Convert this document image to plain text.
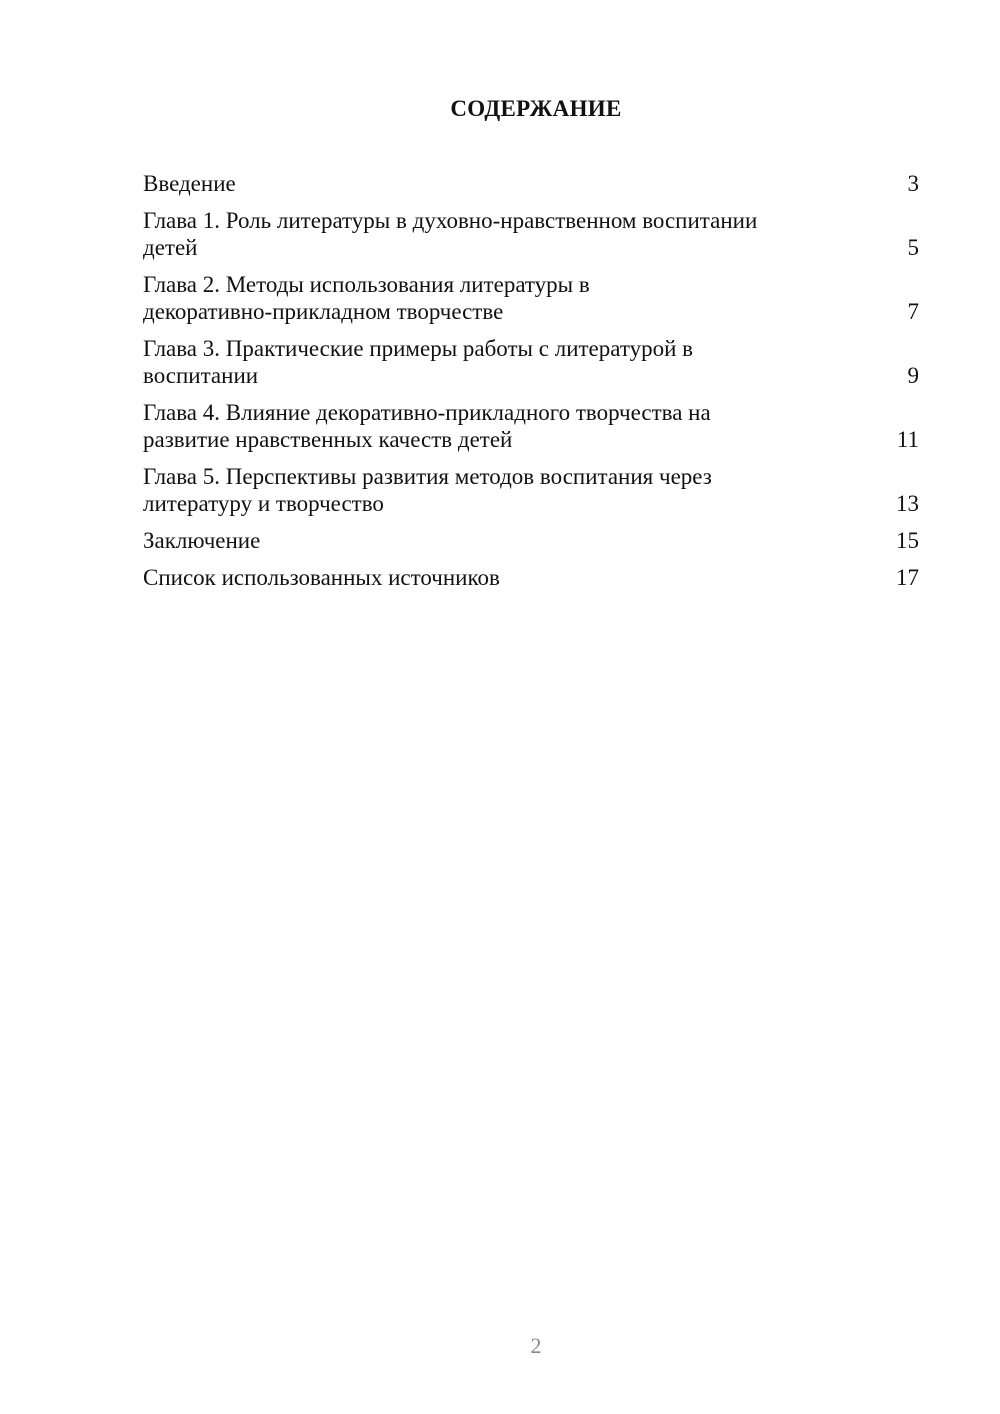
СОДЕРЖАНИЕ
Введение	3
Глава 1. Роль литературы в духовно-нравственном воспитании
детей	5
Глава 2. Методы использования литературы в
декоративно-прикладном творчестве	7
Глава 3. Практические примеры работы с литературой в
воспитании	9
Глава 4. Влияние декоративно-прикладного творчества на
развитие нравственных качеств детей	11
Глава 5. Перспективы развития методов воспитания через
литературу и творчество	13
Заключение	15
Список использованных источников	17
2
